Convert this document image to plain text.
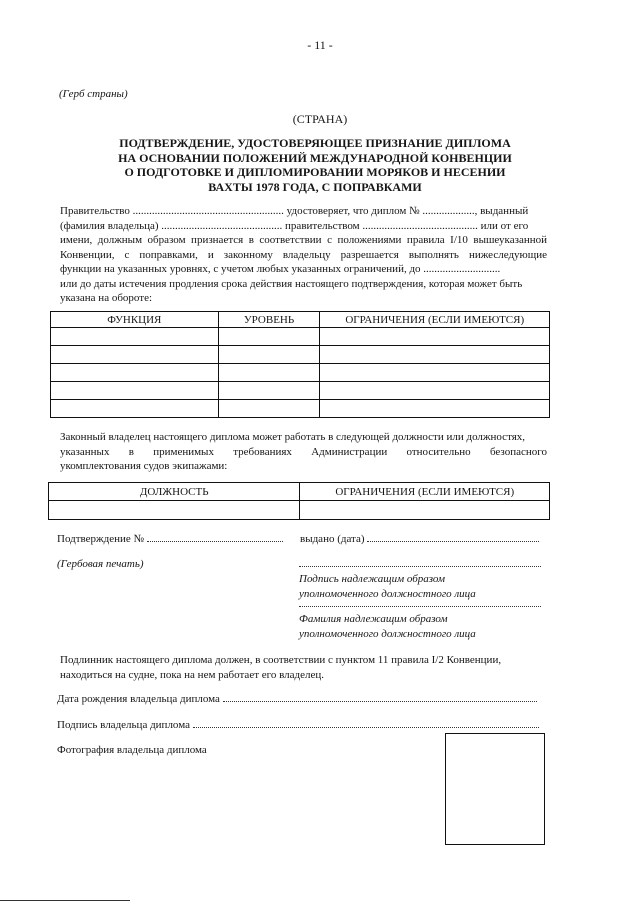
- 11 -
(Герб страны)
(СТРАНА)
ПОДТВЕРЖДЕНИЕ, УДОСТОВЕРЯЮЩЕЕ ПРИЗНАНИЕ ДИПЛОМА
НА ОСНОВАНИИ ПОЛОЖЕНИЙ МЕЖДУНАРОДНОЙ КОНВЕНЦИИ
О ПОДГОТОВКЕ И ДИПЛОМИРОВАНИИ МОРЯКОВ И НЕСЕНИИ
ВАХТЫ 1978 ГОДА, С ПОПРАВКАМИ
Правительство ....................................................... удостоверяет, что диплом № ..................., выданный
(фамилия владельца) ............................................ правительством .......................................... или от его
имени, должным образом признается в соответствии с положениями правила I/10 вышеуказанной
Конвенции, с поправками, и законному владельцу разрешается выполнять нижеследующие
функции на указанных уровнях, с учетом любых указанных ограничений, до ............................
или до даты истечения продления срока действия настоящего подтверждения, которая может быть
указана на обороте:
ФУНКЦИЯ	УРОВЕНЬ	ОГРАНИЧЕНИЯ (ЕСЛИ ИМЕЮТСЯ)

Законный владелец настоящего диплома может работать в следующей должности или должностях,
указанных в применимых требованиях Администрации относительно безопасного
укомплектования судов экипажами:
ДОЛЖНОСТЬ	ОГРАНИЧЕНИЯ (ЕСЛИ ИМЕЮТСЯ)

Подтверждение №	выдано (дата)
(Гербовая печать)
Подпись надлежащим образом
уполномоченного должностного лица
Фамилия надлежащим образом
уполномоченного должностного лица
Подлинник настоящего диплома должен, в соответствии с пунктом 11 правила I/2 Конвенции,
находиться на судне, пока на нем работает его владелец.
Дата рождения владельца диплома
Подпись владельца диплома
Фотография владельца диплома
